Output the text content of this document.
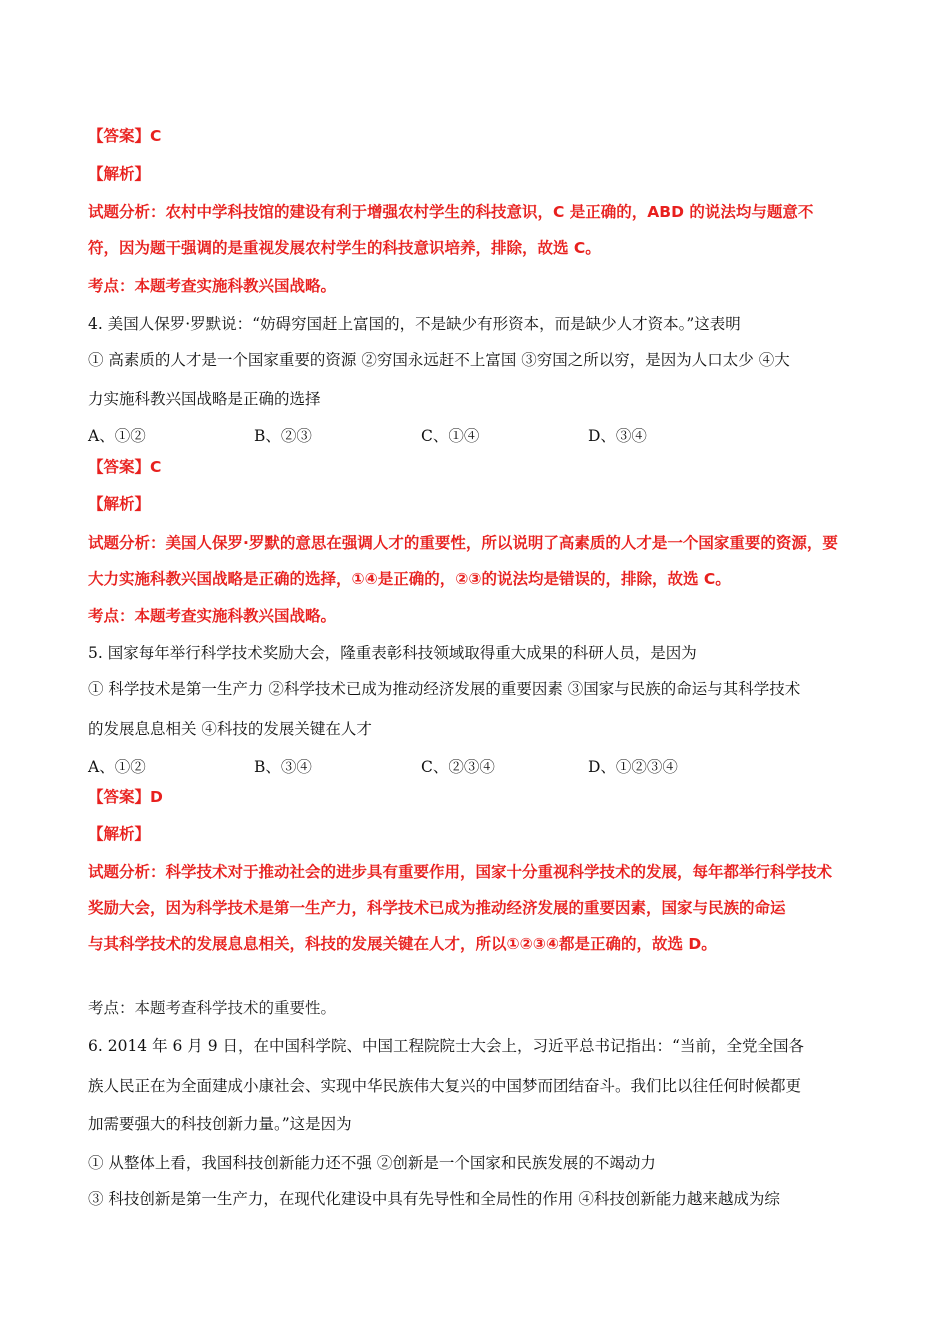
【答案】C
【解析】
试题分析：农村中学科技馆的建设有利于增强农村学生的科技意识，C 是正确的，ABD 的说法均与题意不
符，因为题干强调的是重视发展农村学生的科技意识培养，排除，故选 C。
考点：本题考查实施科教兴国战略。
4. 美国人保罗·罗默说：“妨碍穷国赶上富国的，不是缺少有形资本，而是缺少人才资本。”这表明
① 高素质的人才是一个国家重要的资源 ②穷国永远赶不上富国 ③穷国之所以穷，是因为人口太少 ④大
力实施科教兴国战略是正确的选择
A、①②	B、②③	C、①④	D、③④
【答案】C
【解析】
试题分析：美国人保罗·罗默的意思在强调人才的重要性，所以说明了高素质的人才是一个国家重要的资源，要
大力实施科教兴国战略是正确的选择，①④是正确的，②③的说法均是错误的，排除，故选 C。
考点：本题考查实施科教兴国战略。
5. 国家每年举行科学技术奖励大会，隆重表彰科技领域取得重大成果的科研人员，是因为
① 科学技术是第一生产力 ②科学技术已成为推动经济发展的重要因素 ③国家与民族的命运与其科学技术
的发展息息相关 ④科技的发展关键在人才
A、①②	B、③④	C、②③④	D、①②③④
【答案】D
【解析】
试题分析：科学技术对于推动社会的进步具有重要作用，国家十分重视科学技术的发展，每年都举行科学技术
奖励大会，因为科学技术是第一生产力，科学技术已成为推动经济发展的重要因素，国家与民族的命运
与其科学技术的发展息息相关，科技的发展关键在人才，所以①②③④都是正确的，故选 D。
考点：本题考查科学技术的重要性。
6. 2014 年 6 月 9 日，在中国科学院、中国工程院院士大会上，习近平总书记指出：“当前，全党全国各
族人民正在为全面建成小康社会、实现中华民族伟大复兴的中国梦而团结奋斗。我们比以往任何时候都更
加需要强大的科技创新力量。”这是因为
① 从整体上看，我国科技创新能力还不强 ②创新是一个国家和民族发展的不竭动力
③ 科技创新是第一生产力，在现代化建设中具有先导性和全局性的作用 ④科技创新能力越来越成为综
